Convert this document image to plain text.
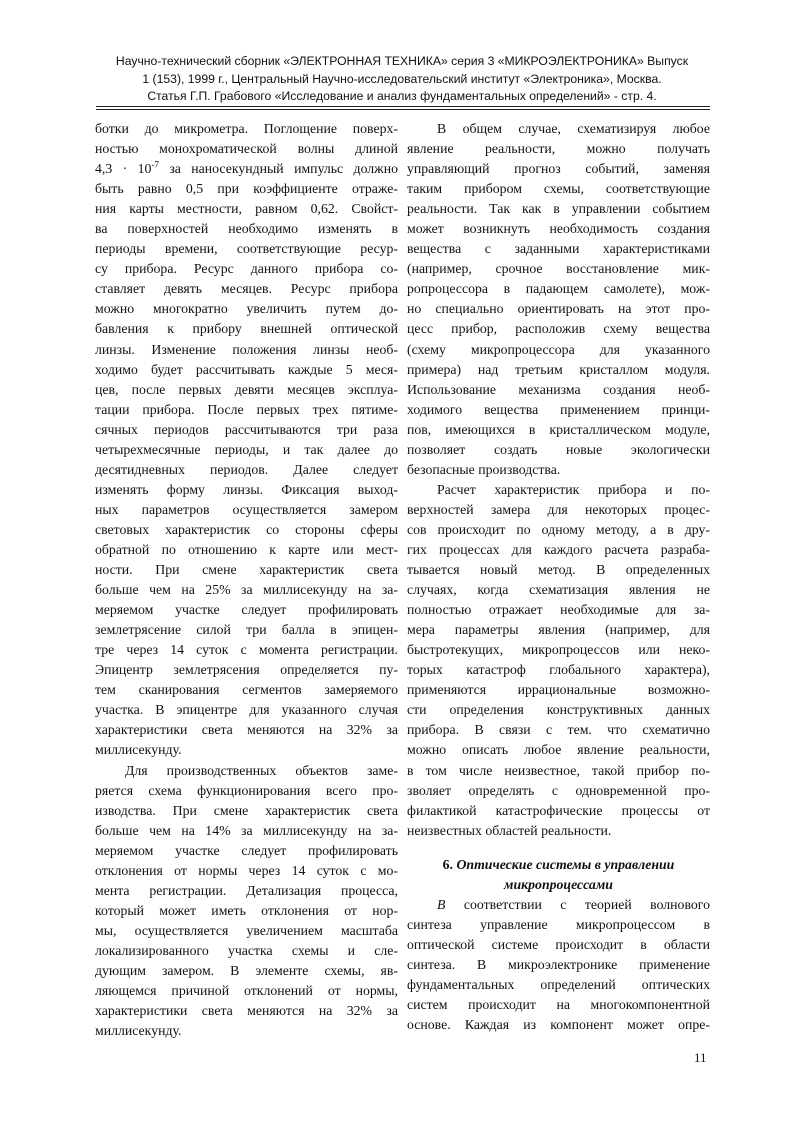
Научно-технический сборник «ЭЛЕКТРОННАЯ ТЕХНИКА» серия 3 «МИКРОЭЛЕКТРОНИКА» Выпуск
1 (153), 1999 г., Центральный Научно-исследовательский институт «Электроника», Москва.
Статья Г.П. Грабового «Исследование и анализ фундаментальных определений» - стр. 4.
ботки до микрометра. Поглощение поверх-
ностью монохроматической волны длиной
$4,3 \cdot 10^{-7}$ за наносекундный импульс должно
быть равно 0,5 при коэффициенте отраже-
ния карты местности, равном 0,62. Свойст-
ва поверхностей необходимо изменять в
периоды времени, соответствующие ресур-
су прибора. Ресурс данного прибора со-
ставляет девять месяцев. Ресурс прибора
можно многократно увеличить путем до-
бавления к прибору внешней оптической
линзы. Изменение положения линзы необ-
ходимо будет рассчитывать каждые 5 меся-
цев, после первых девяти месяцев эксплуа-
тации прибора. После первых трех пятиме-
сячных периодов рассчитываются три раза
четырехмесячные периоды, и так далее до
десятидневных периодов. Далее следует
изменять форму линзы. Фиксация выход-
ных параметров осуществляется замером
световых характеристик со стороны сферы
обратной по отношению к карте или мест-
ности. При смене характеристик света
больше чем на 25% за миллисекунду на за-
меряемом участке следует профилировать
землетрясение силой три балла в эпицен-
тре через 14 суток с момента регистрации.
Эпицентр землетрясения определяется пу-
тем сканирования сегментов замеряемого
участка. В эпицентре для указанного случая
характеристики света меняются на 32% за
миллисекунду.
Для производственных объектов заме-
ряется схема функционирования всего про-
изводства. При смене характеристик света
больше чем на 14% за миллисекунду на за-
меряемом участке следует профилировать
отклонения от нормы через 14 суток с мо-
мента регистрации. Детализация процесса,
который может иметь отклонения от нор-
мы, осуществляется увеличением масштаба
локализированного участка схемы и сле-
дующим замером. В элементе схемы, яв-
ляющемся причиной отклонений от нормы,
характеристики света меняются на 32% за
миллисекунду.
В общем случае, схематизируя любое
явление реальности, можно получать
управляющий прогноз событий, заменяя
таким прибором схемы, соответствующие
реальности. Так как в управлении событием
может возникнуть необходимость создания
вещества с заданными характеристиками
(например, срочное восстановление мик-
ропроцессора в падающем самолете), мож-
но специально ориентировать на этот про-
цесс прибор, расположив схему вещества
(схему микропроцессора для указанного
примера) над третьим кристаллом модуля.
Использование механизма создания необ-
ходимого вещества применением принци-
пов, имеющихся в кристаллическом модуле,
позволяет создать новые экологически
безопасные производства.
Расчет характеристик прибора и по-
верхностей замера для некоторых процес-
сов происходит по одному методу, а в дру-
гих процессах для каждого расчета разраба-
тывается новый метод. В определенных
случаях, когда схематизация явления не
полностью отражает необходимые для за-
мера параметры явления (например, для
быстротекущих, микропроцессов или неко-
торых катастроф глобального характера),
применяются иррациональные возможно-
сти определения конструктивных данных
прибора. В связи с тем. что схематично
можно описать любое явление реальности,
в том числе неизвестное, такой прибор по-
зволяет определять с одновременной про-
филактикой катастрофические процессы от
неизвестных областей реальности.
6. Оптические системы в управлении
микропроцессами
В соответствии с теорией волнового
синтеза управление микропроцессом в
оптической системе происходит в области
синтеза. В микроэлектронике применение
фундаментальных определений оптических
систем происходит на многокомпонентной
основе. Каждая из компонент может опре-
11
